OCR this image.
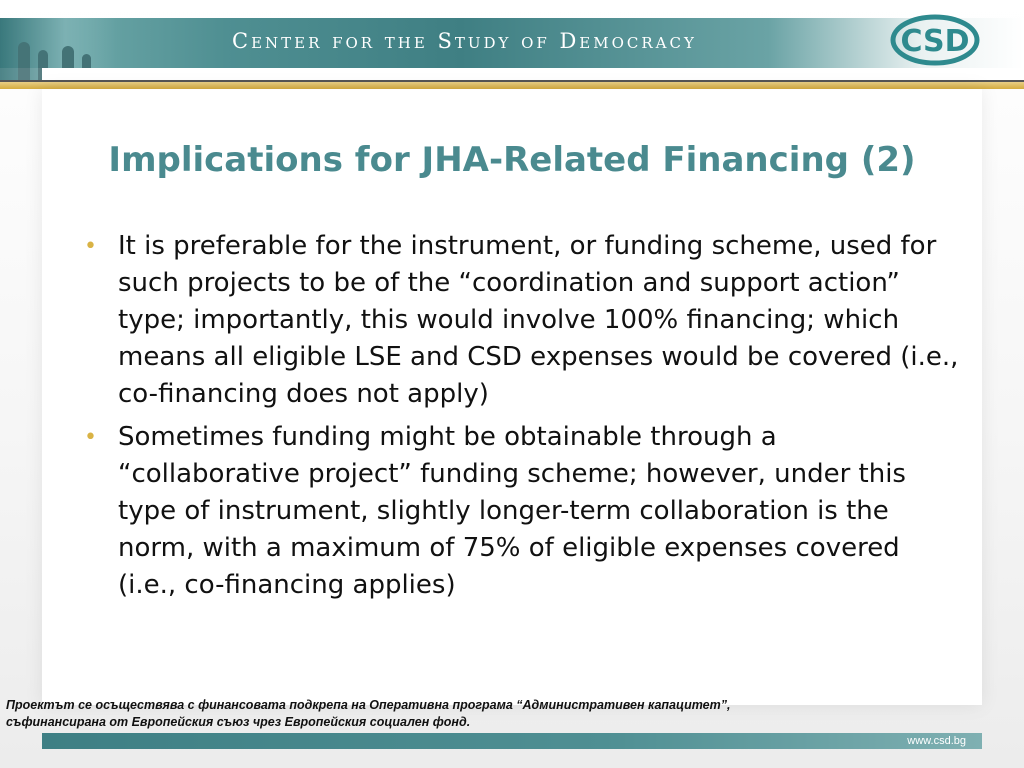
Center for the Study of Democracy	CSD
Implications for JHA-Related Financing (2)
• It is preferable for the instrument, or funding scheme, used for such projects to be of the “coordination and support action” type; importantly, this would involve 100% financing; which means all eligible LSE and CSD expenses would be covered (i.e., co-financing does not apply)
• Sometimes funding might be obtainable through a “collaborative project” funding scheme; however, under this type of instrument, slightly longer-term collaboration is the norm, with a maximum of 75% of eligible expenses covered (i.e., co-financing applies)
Проектът се осъществява с финансовата подкрепа на Оперативна програма “Административен капацитет”,
съфинансирана от Европейския съюз чрез Европейския социален фонд.
www.csd.bg
